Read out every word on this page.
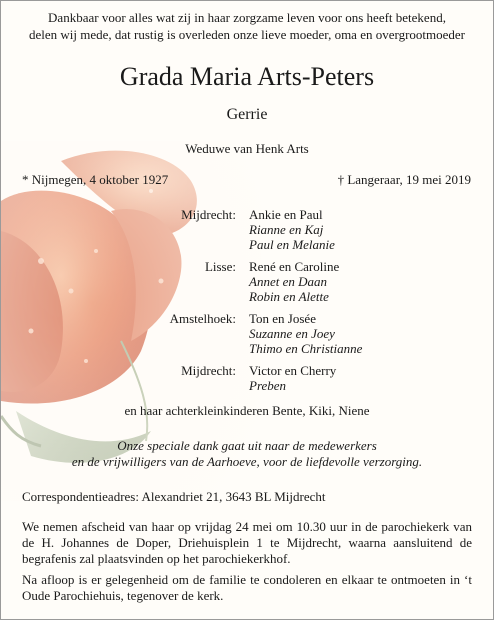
Dankbaar voor alles wat zij in haar zorgzame leven voor ons heeft betekend,
delen wij mede, dat rustig is overleden onze lieve moeder, oma en overgrootmoeder
Grada Maria Arts-Peters
Gerrie
Weduwe van Henk Arts
* Nijmegen, 4 oktober 1927	† Langeraar, 19 mei 2019
Mijdrecht: Ankie en Paul
Rianne en Kaj
Paul en Melanie
Lisse: René en Caroline
Annet en Daan
Robin en Alette
Amstelhoek: Ton en Josée
Suzanne en Joey
Thimo en Christianne
Mijdrecht: Victor en Cherry
Preben
en haar achterkleinkinderen Bente, Kiki, Niene
Onze speciale dank gaat uit naar de medewerkers
en de vrijwilligers van de Aarhoeve, voor de liefdevolle verzorging.
Correspondentieadres: Alexandriet 21, 3643 BL Mijdrecht
We nemen afscheid van haar op vrijdag 24 mei om 10.30 uur in de parochiekerk van de H. Johannes de Doper, Driehuisplein 1 te Mijdrecht, waarna aansluitend de begrafenis zal plaatsvinden op het parochiekerkhof.
Na afloop is er gelegenheid om de familie te condoleren en elkaar te ontmoeten in ‘t Oude Parochiehuis, tegenover de kerk.
